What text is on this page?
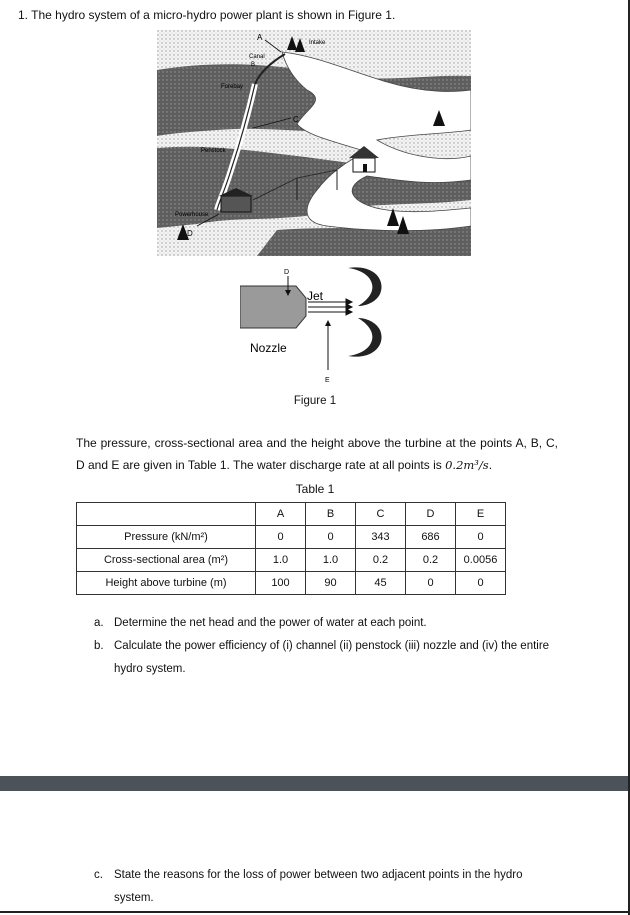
1. The hydro system of a micro-hydro power plant is shown in Figure 1.
A
Intake
Canal
B
Forebay
C
Penstock
Powerhouse
D
D
E
Jet
Nozzle
Figure 1
The pressure, cross-sectional area and the height above the turbine at the points A, B, C, D and E are given in Table 1. The water discharge rate at all points is 0.2m³/s.
Table 1
	A	B	C	D	E
Pressure (kN/m²)	0	0	343	686	0
Cross-sectional area (m²)	1.0	1.0	0.2	0.2	0.0056
Height above turbine (m)	100	90	45	0	0
a. Determine the net head and the power of water at each point.
b. Calculate the power efficiency of (i) channel (ii) penstock (iii) nozzle and (iv) the entire hydro system.
c. State the reasons for the loss of power between two adjacent points in the hydro system.
